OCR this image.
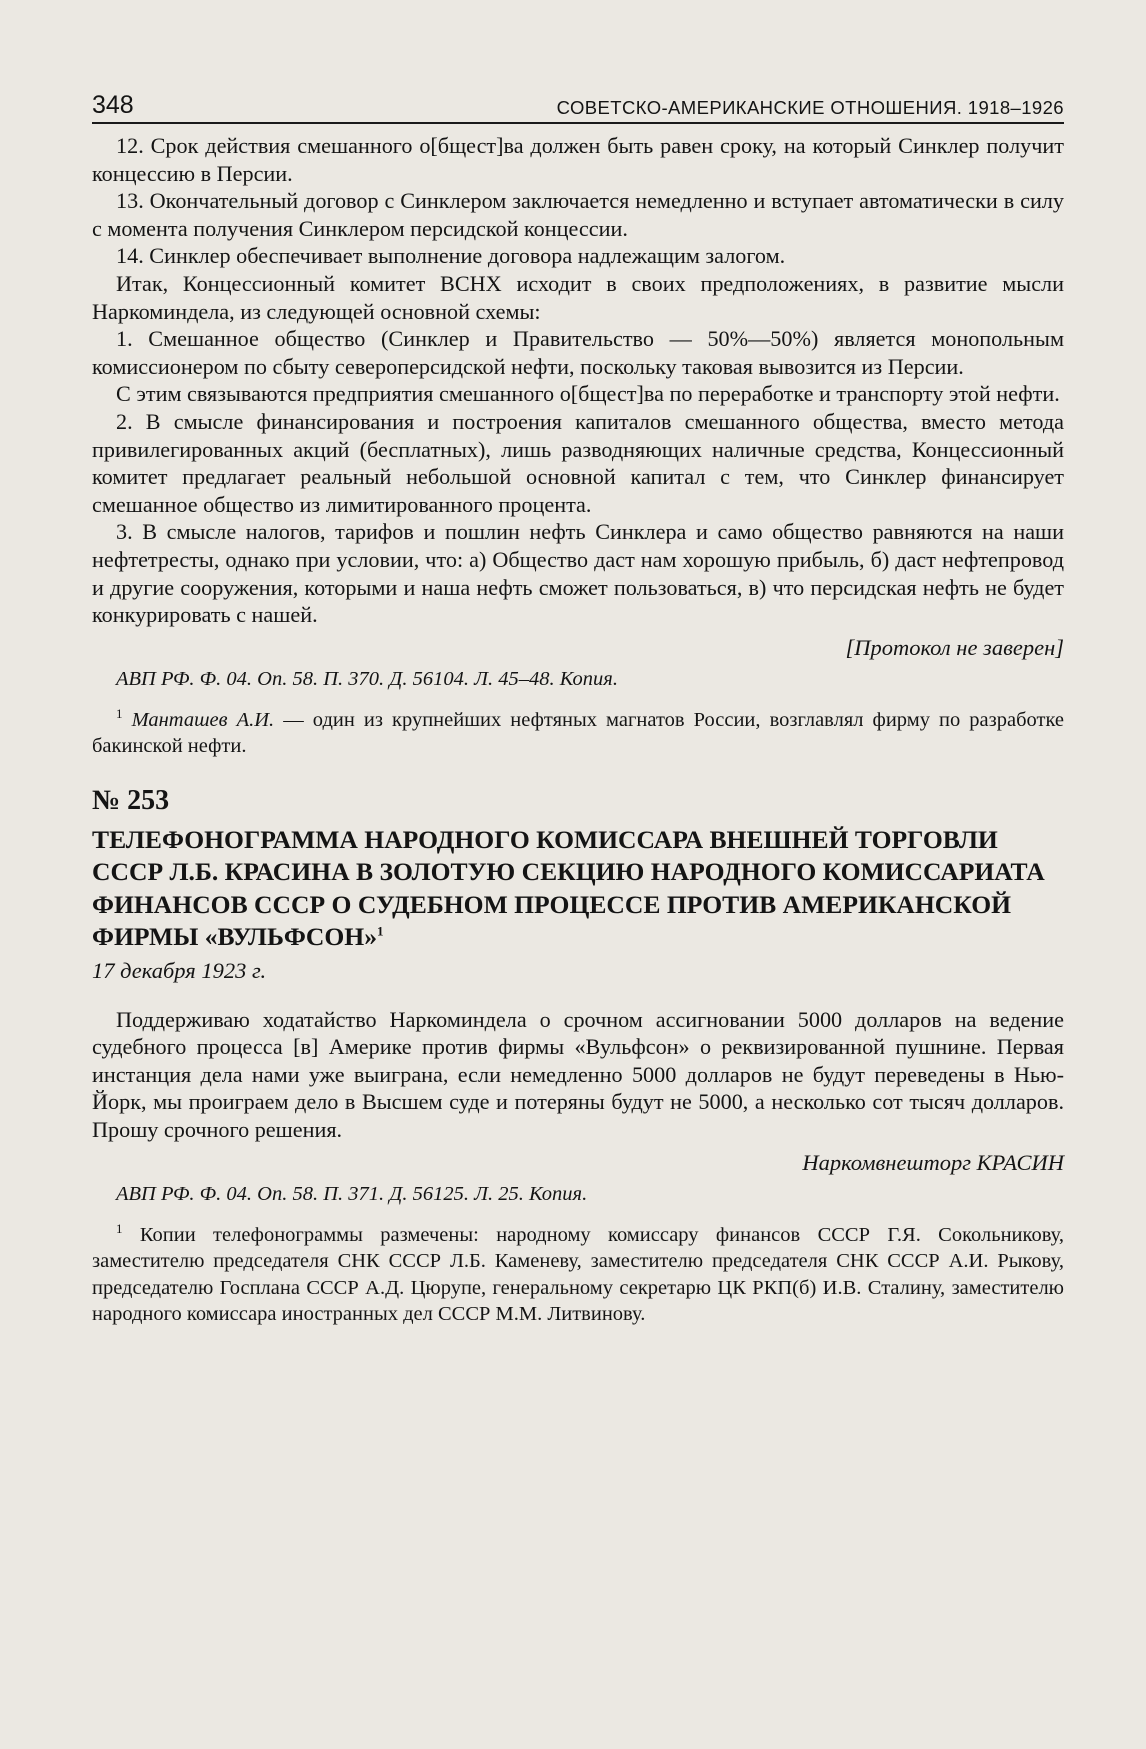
348	СОВЕТСКО-АМЕРИКАНСКИЕ ОТНОШЕНИЯ. 1918–1926

12. Срок действия смешанного о[бщест]ва должен быть равен сроку, на который Синклер получит концессию в Персии.

13. Окончательный договор с Синклером заключается немедленно и вступает автоматически в силу с момента получения Синклером персидской концессии.

14. Синклер обеспечивает выполнение договора надлежащим залогом.

Итак, Концессионный комитет ВСНХ исходит в своих предположениях, в развитие мысли Наркоминдела, из следующей основной схемы:

1. Смешанное общество (Синклер и Правительство — 50%—50%) является монопольным комиссионером по сбыту североперсидской нефти, поскольку таковая вывозится из Персии.

С этим связываются предприятия смешанного о[бщест]ва по переработке и транспорту этой нефти.

2. В смысле финансирования и построения капиталов смешанного общества, вместо метода привилегированных акций (бесплатных), лишь разводняющих наличные средства, Концессионный комитет предлагает реальный небольшой основной капитал с тем, что Синклер финансирует смешанное общество из лимитированного процента.

3. В смысле налогов, тарифов и пошлин нефть Синклера и само общество равняются на наши нефтетресты, однако при условии, что: а) Общество даст нам хорошую прибыль, б) даст нефтепровод и другие сооружения, которыми и наша нефть сможет пользоваться, в) что персидская нефть не будет конкурировать с нашей.

[Протокол не заверен]

АВП РФ. Ф. 04. Оп. 58. П. 370. Д. 56104. Л. 45–48. Копия.

$^1$ Манташев А.И. — один из крупнейших нефтяных магнатов России, возглавлял фирму по разработке бакинской нефти.

№ 253
ТЕЛЕФОНОГРАММА НАРОДНОГО КОМИССАРА ВНЕШНЕЙ ТОРГОВЛИ СССР Л.Б. КРАСИНА В ЗОЛОТУЮ СЕКЦИЮ НАРОДНОГО КОМИССАРИАТА ФИНАНСОВ СССР О СУДЕБНОМ ПРОЦЕССЕ ПРОТИВ АМЕРИКАНСКОЙ ФИРМЫ «ВУЛЬФСОН»$^1$
17 декабря 1923 г.

Поддерживаю ходатайство Наркоминдела о срочном ассигновании 5000 долларов на ведение судебного процесса [в] Америке против фирмы «Вульфсон» о реквизированной пушнине. Первая инстанция дела нами уже выиграна, если немедленно 5000 долларов не будут переведены в Нью-Йорк, мы проиграем дело в Высшем суде и потеряны будут не 5000, а несколько сот тысяч долларов. Прошу срочного решения.

Наркомвнешторг КРАСИН

АВП РФ. Ф. 04. Оп. 58. П. 371. Д. 56125. Л. 25. Копия.

$^1$ Копии телефонограммы размечены: народному комиссару финансов СССР Г.Я. Сокольникову, заместителю председателя СНК СССР Л.Б. Каменеву, заместителю председателя СНК СССР А.И. Рыкову, председателю Госплана СССР А.Д. Цюрупе, генеральному секретарю ЦК РКП(б) И.В. Сталину, заместителю народного комиссара иностранных дел СССР М.М. Литвинову.
